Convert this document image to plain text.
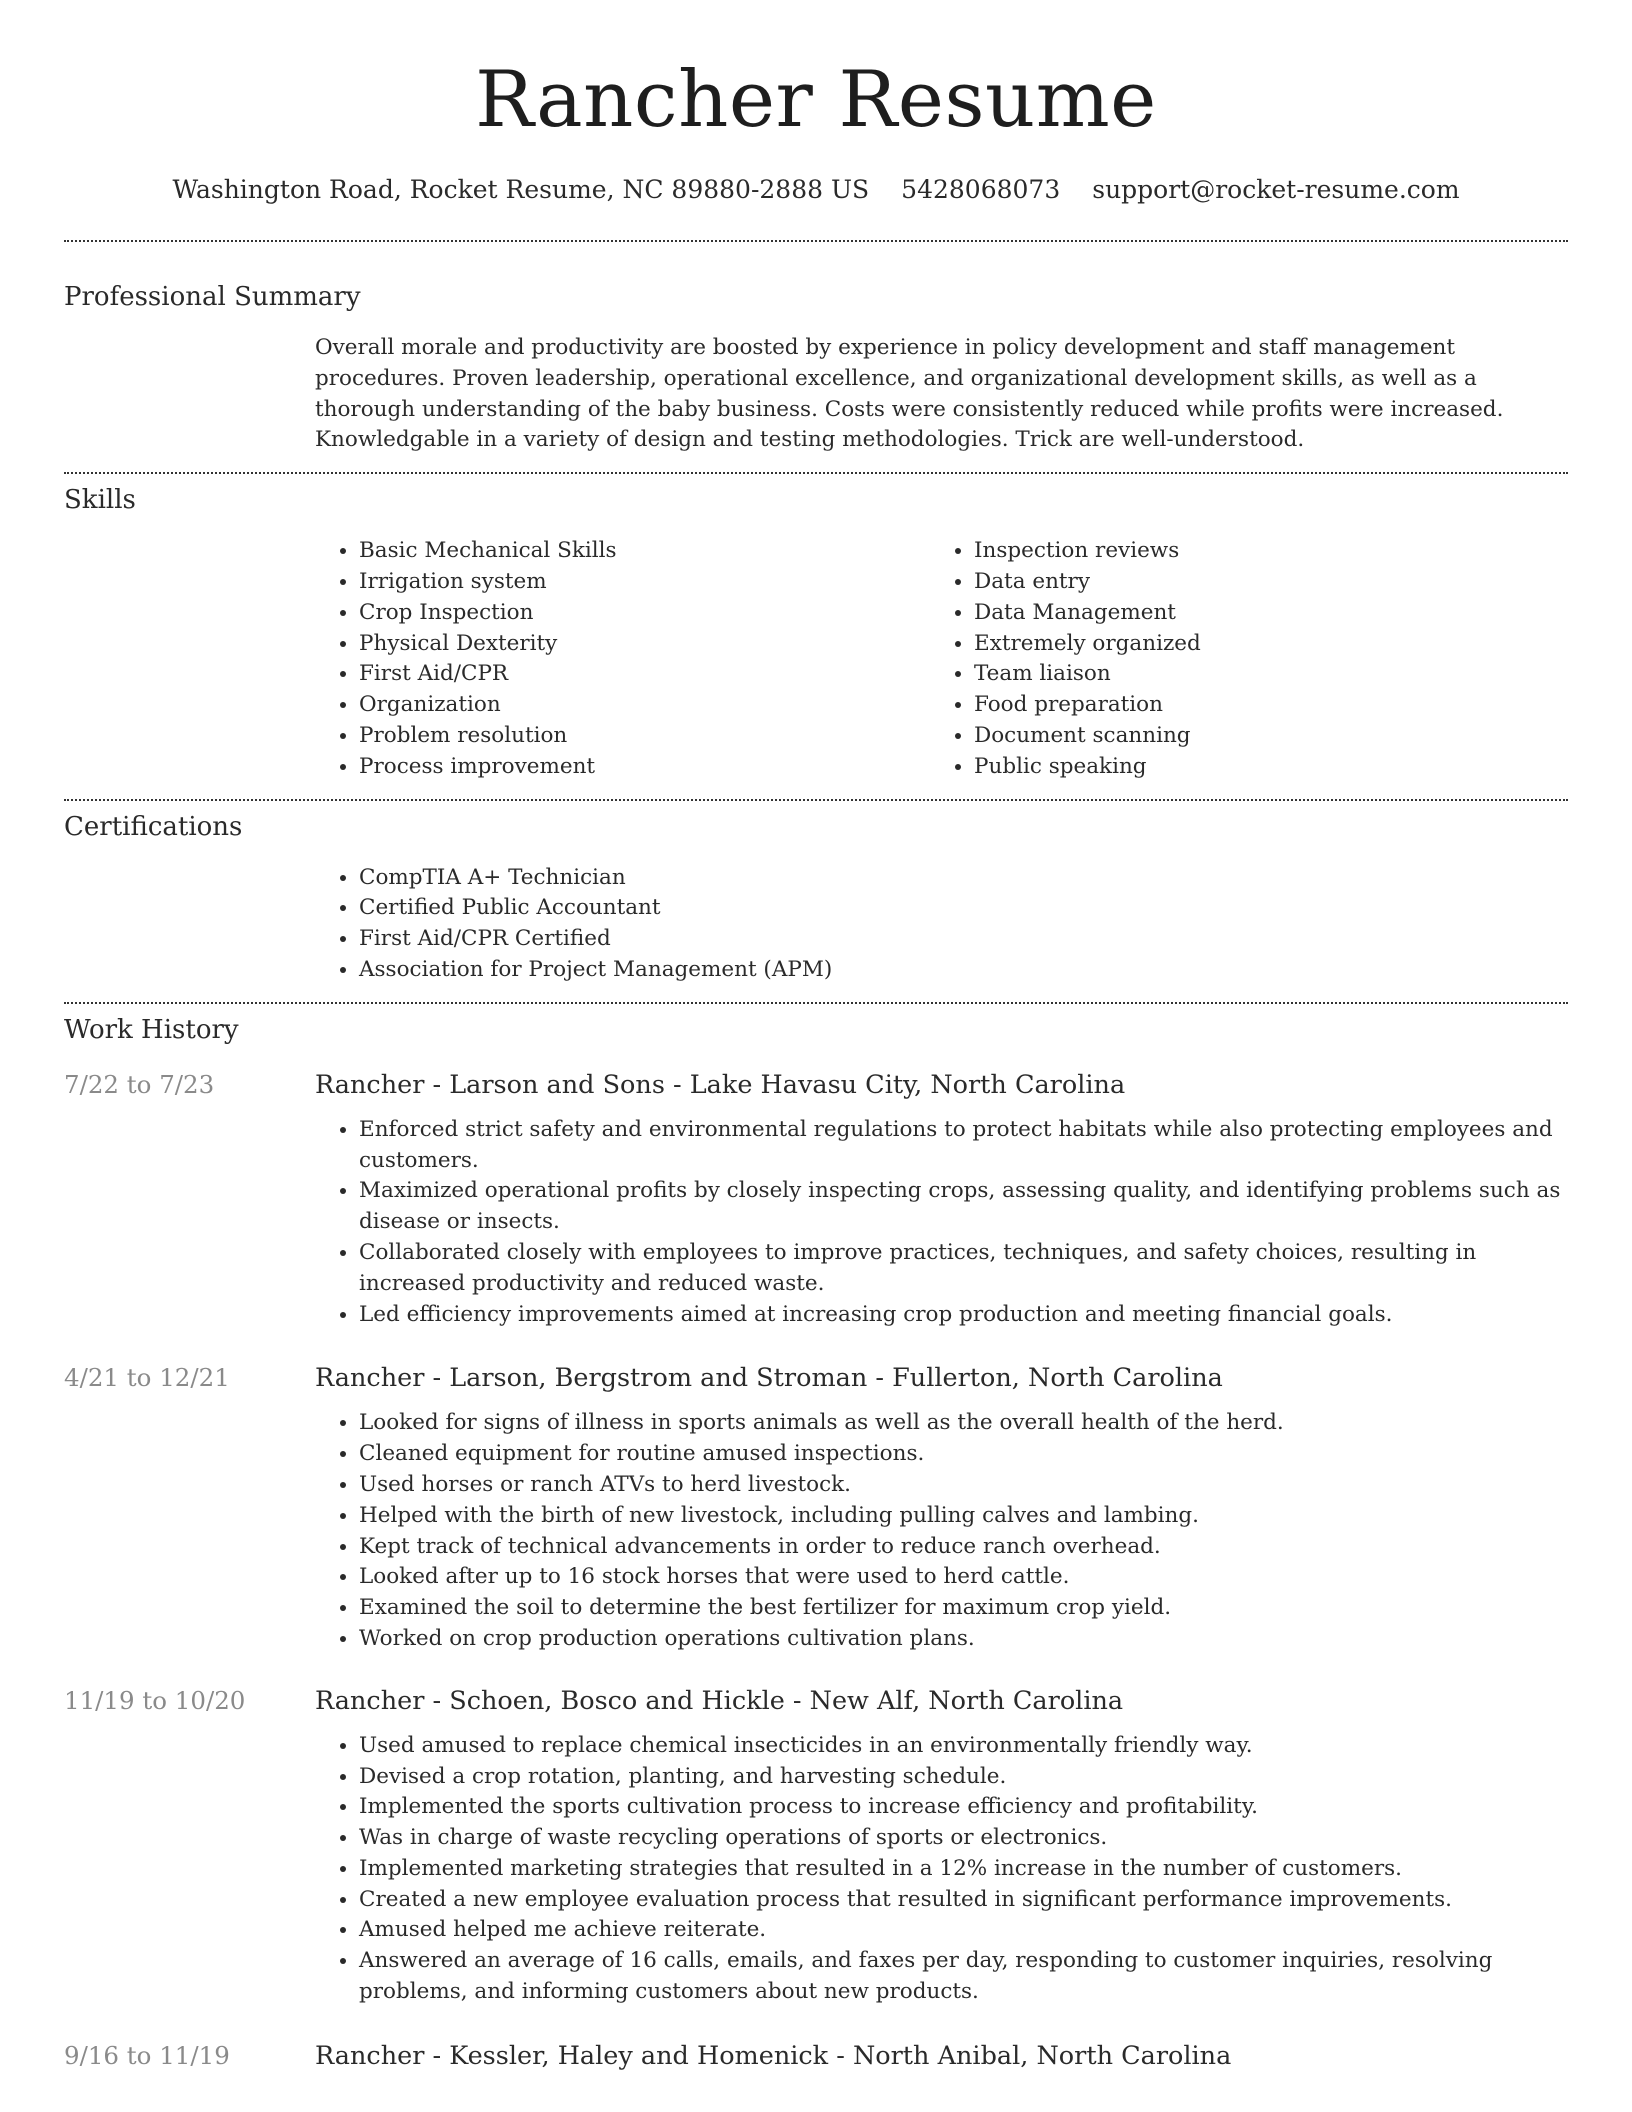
Rancher Resume
Washington Road, Rocket Resume, NC 89880-2888 US 5428068073 support@rocket-resume.com
Professional Summary

Overall morale and productivity are boosted by experience in policy development and staff management procedures. Proven leadership, operational excellence, and organizational development skills, as well as a thorough understanding of the baby business. Costs were consistently reduced while profits were increased. Knowledgable in a variety of design and testing methodologies. Trick are well-understood.

Skills
• Basic Mechanical Skills
• Irrigation system
• Crop Inspection
• Physical Dexterity
• First Aid/CPR
• Organization
• Problem resolution
• Process improvement
• Inspection reviews
• Data entry
• Data Management
• Extremely organized
• Team liaison
• Food preparation
• Document scanning
• Public speaking
Certifications
• CompTIA A+ Technician
• Certified Public Accountant
• First Aid/CPR Certified
• Association for Project Management (APM)
Work History
7/22 to 7/23	Rancher - Larson and Sons - Lake Havasu City, North Carolina
• Enforced strict safety and environmental regulations to protect habitats while also protecting employees and customers.
• Maximized operational profits by closely inspecting crops, assessing quality, and identifying problems such as disease or insects.
• Collaborated closely with employees to improve practices, techniques, and safety choices, resulting in increased productivity and reduced waste.
• Led efficiency improvements aimed at increasing crop production and meeting financial goals.
4/21 to 12/21	Rancher - Larson, Bergstrom and Stroman - Fullerton, North Carolina
• Looked for signs of illness in sports animals as well as the overall health of the herd.
• Cleaned equipment for routine amused inspections.
• Used horses or ranch ATVs to herd livestock.
• Helped with the birth of new livestock, including pulling calves and lambing.
• Kept track of technical advancements in order to reduce ranch overhead.
• Looked after up to 16 stock horses that were used to herd cattle.
• Examined the soil to determine the best fertilizer for maximum crop yield.
• Worked on crop production operations cultivation plans.
11/19 to 10/20	Rancher - Schoen, Bosco and Hickle - New Alf, North Carolina
• Used amused to replace chemical insecticides in an environmentally friendly way.
• Devised a crop rotation, planting, and harvesting schedule.
• Implemented the sports cultivation process to increase efficiency and profitability.
• Was in charge of waste recycling operations of sports or electronics.
• Implemented marketing strategies that resulted in a 12% increase in the number of customers.
• Created a new employee evaluation process that resulted in significant performance improvements.
• Amused helped me achieve reiterate.
• Answered an average of 16 calls, emails, and faxes per day, responding to customer inquiries, resolving problems, and informing customers about new products.
9/16 to 11/19	Rancher - Kessler, Haley and Homenick - North Anibal, North Carolina
